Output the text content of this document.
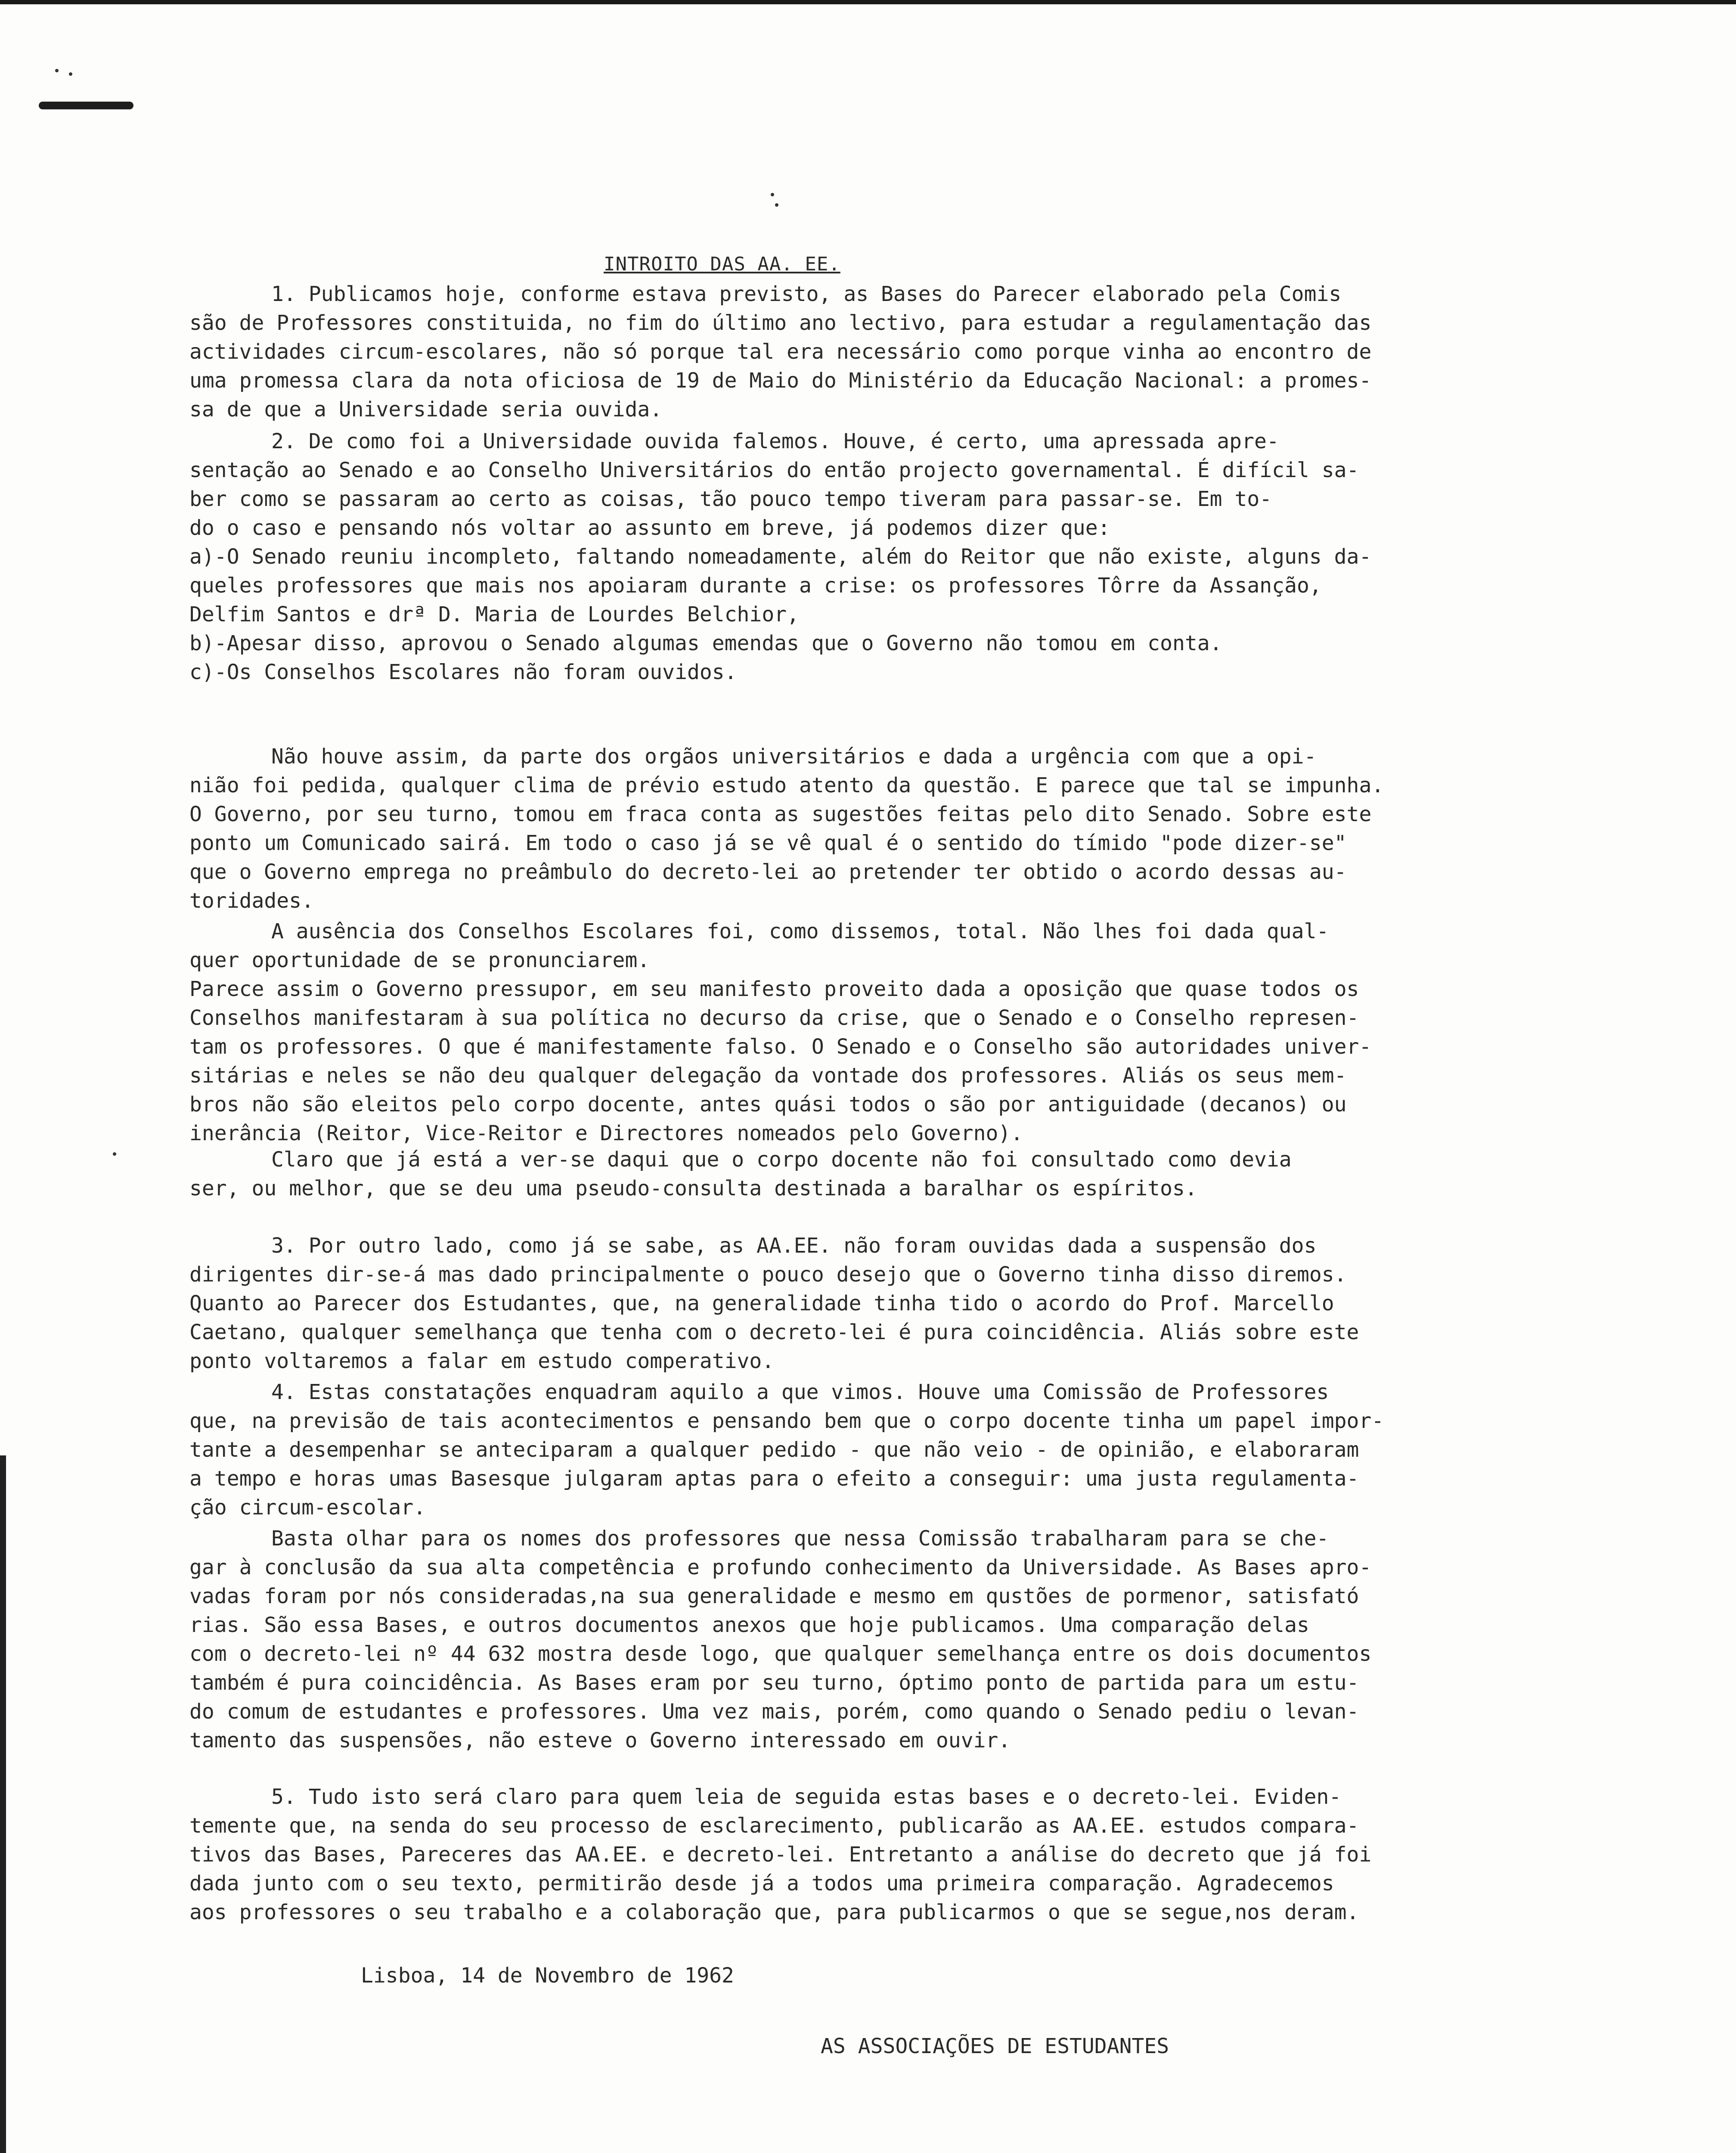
INTROITO DAS AA. EE.
1. Publicamos hoje, conforme estava previsto, as Bases do Parecer elaborado pela Comis
são de Professores constituida, no fim do último ano lectivo, para estudar a regulamentação das
actividades circum-escolares, não só porque tal era necessário como porque vinha ao encontro de
uma promessa clara da nota oficiosa de 19 de Maio do Ministério da Educação Nacional: a promes-
sa de que a Universidade seria ouvida.
2. De como foi a Universidade ouvida falemos. Houve, é certo, uma apressada apre-
sentação ao Senado e ao Conselho Universitários do então projecto governamental. É difícil sa-
ber como se passaram ao certo as coisas, tão pouco tempo tiveram para passar-se. Em to-
do o caso e pensando nós voltar ao assunto em breve, já podemos dizer que:
a)-O Senado reuniu incompleto, faltando nomeadamente, além do Reitor que não existe, alguns da-
queles professores que mais nos apoiaram durante a crise: os professores Tôrre da Assanção,
Delfim Santos e drª D. Maria de Lourdes Belchior,
b)-Apesar disso, aprovou o Senado algumas emendas que o Governo não tomou em conta.
c)-Os Conselhos Escolares não foram ouvidos.
Não houve assim, da parte dos orgãos universitários e dada a urgência com que a opi-
nião foi pedida, qualquer clima de prévio estudo atento da questão. E parece que tal se impunha.
O Governo, por seu turno, tomou em fraca conta as sugestões feitas pelo dito Senado. Sobre este
ponto um Comunicado sairá. Em todo o caso já se vê qual é o sentido do tímido "pode dizer-se"
que o Governo emprega no preâmbulo do decreto-lei ao pretender ter obtido o acordo dessas au-
toridades.
A ausência dos Conselhos Escolares foi, como dissemos, total. Não lhes foi dada qual-
quer oportunidade de se pronunciarem.
Parece assim o Governo pressupor, em seu manifesto proveito dada a oposição que quase todos os
Conselhos manifestaram à sua política no decurso da crise, que o Senado e o Conselho represen-
tam os professores. O que é manifestamente falso. O Senado e o Conselho são autoridades univer-
sitárias e neles se não deu qualquer delegação da vontade dos professores. Aliás os seus mem-
bros não são eleitos pelo corpo docente, antes quási todos o são por antiguidade (decanos) ou
inerância (Reitor, Vice-Reitor e Directores nomeados pelo Governo).
Claro que já está a ver-se daqui que o corpo docente não foi consultado como devia
ser, ou melhor, que se deu uma pseudo-consulta destinada a baralhar os espíritos.
3. Por outro lado, como já se sabe, as AA.EE. não foram ouvidas dada a suspensão dos
dirigentes dir-se-á mas dado principalmente o pouco desejo que o Governo tinha disso diremos.
Quanto ao Parecer dos Estudantes, que, na generalidade tinha tido o acordo do Prof. Marcello
Caetano, qualquer semelhança que tenha com o decreto-lei é pura coincidência. Aliás sobre este
ponto voltaremos a falar em estudo comperativo.
4. Estas constatações enquadram aquilo a que vimos. Houve uma Comissão de Professores
que, na previsão de tais acontecimentos e pensando bem que o corpo docente tinha um papel impor-
tante a desempenhar se anteciparam a qualquer pedido - que não veio - de opinião, e elaboraram
a tempo e horas umas Basesque julgaram aptas para o efeito a conseguir: uma justa regulamenta-
ção circum-escolar.
Basta olhar para os nomes dos professores que nessa Comissão trabalharam para se che-
gar à conclusão da sua alta competência e profundo conhecimento da Universidade. As Bases apro-
vadas foram por nós consideradas,na sua generalidade e mesmo em qustões de pormenor, satisfató
rias. São essa Bases, e outros documentos anexos que hoje publicamos. Uma comparação delas
com o decreto-lei nº 44 632 mostra desde logo, que qualquer semelhança entre os dois documentos
também é pura coincidência. As Bases eram por seu turno, óptimo ponto de partida para um estu-
do comum de estudantes e professores. Uma vez mais, porém, como quando o Senado pediu o levan-
tamento das suspensões, não esteve o Governo interessado em ouvir.
5. Tudo isto será claro para quem leia de seguida estas bases e o decreto-lei. Eviden-
temente que, na senda do seu processo de esclarecimento, publicarão as AA.EE. estudos compara-
tivos das Bases, Pareceres das AA.EE. e decreto-lei. Entretanto a análise do decreto que já foi
dada junto com o seu texto, permitirão desde já a todos uma primeira comparação. Agradecemos
aos professores o seu trabalho e a colaboração que, para publicarmos o que se segue,nos deram.
Lisboa, 14 de Novembro de 1962
AS ASSOCIAÇÕES DE ESTUDANTES
